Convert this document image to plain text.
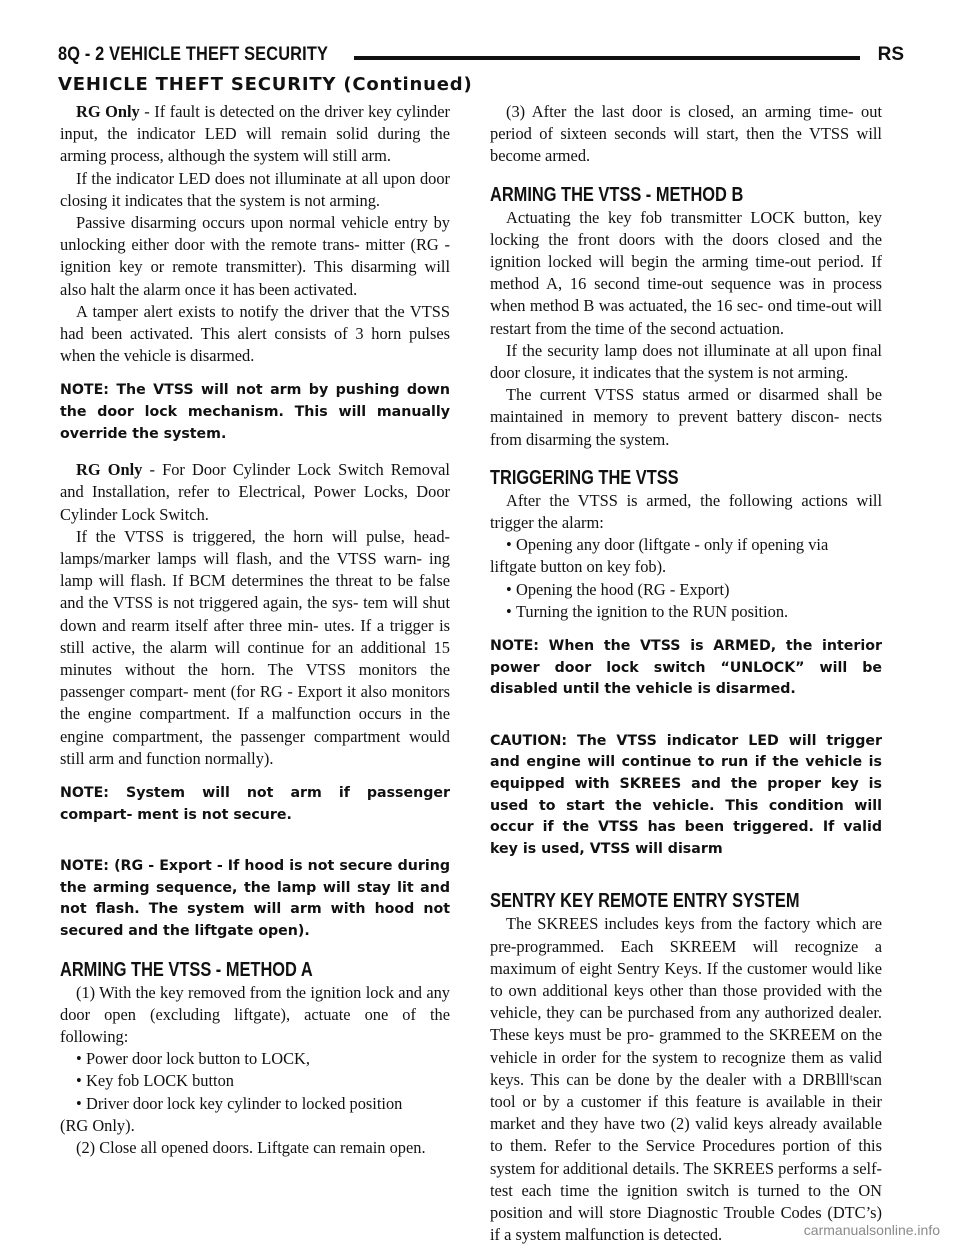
8Q - 2 VEHICLE THEFT SECURITY	RS
VEHICLE THEFT SECURITY (Continued)

RG Only - If fault is detected on the driver key cylinder input, the indicator LED will remain solid during the arming process, although the system will still arm.

If the indicator LED does not illuminate at all upon door closing it indicates that the system is not arming.

Passive disarming occurs upon normal vehicle entry by unlocking either door with the remote trans- mitter (RG - ignition key or remote transmitter). This disarming will also halt the alarm once it has been activated.

A tamper alert exists to notify the driver that the VTSS had been activated. This alert consists of 3 horn pulses when the vehicle is disarmed.

NOTE: The VTSS will not arm by pushing down the door lock mechanism. This will manually override the system.

RG Only - For Door Cylinder Lock Switch Removal and Installation, refer to Electrical, Power Locks, Door Cylinder Lock Switch.

If the VTSS is triggered, the horn will pulse, head- lamps/marker lamps will flash, and the VTSS warn- ing lamp will flash. If BCM determines the threat to be false and the VTSS is not triggered again, the sys- tem will shut down and rearm itself after three min- utes. If a trigger is still active, the alarm will continue for an additional 15 minutes without the horn. The VTSS monitors the passenger compart- ment (for RG - Export it also monitors the engine compartment. If a malfunction occurs in the engine compartment, the passenger compartment would still arm and function normally).

NOTE: System will not arm if passenger compart- ment is not secure.

NOTE: (RG - Export - If hood is not secure during the arming sequence, the lamp will stay lit and not flash. The system will arm with hood not secured and the liftgate open).

ARMING THE VTSS - METHOD A

(1) With the key removed from the ignition lock and any door open (excluding liftgate), actuate one of the following:

• Power door lock button to LOCK,

• Key fob LOCK button

• Driver door lock key cylinder to locked position

(RG Only).

(2) Close all opened doors. Liftgate can remain open.

(3) After the last door is closed, an arming time- out period of sixteen seconds will start, then the VTSS will become armed.

ARMING THE VTSS - METHOD B

Actuating the key fob transmitter LOCK button, key locking the front doors with the doors closed and the ignition locked will begin the arming time-out period. If method A, 16 second time-out sequence was in process when method B was actuated, the 16 sec- ond time-out will restart from the time of the second actuation.

If the security lamp does not illuminate at all upon final door closure, it indicates that the system is not arming.

The current VTSS status armed or disarmed shall be maintained in memory to prevent battery discon- nects from disarming the system.

TRIGGERING THE VTSS

After the VTSS is armed, the following actions will trigger the alarm:

• Opening any door (liftgate - only if opening via

liftgate button on key fob).

• Opening the hood (RG - Export)

• Turning the ignition to the RUN position.

NOTE: When the VTSS is ARMED, the interior power door lock switch “UNLOCK” will be disabled until the vehicle is disarmed.

CAUTION: The VTSS indicator LED will trigger and engine will continue to run if the vehicle is equipped with SKREES and the proper key is used to start the vehicle. This condition will occur if the VTSS has been triggered. If valid key is used, VTSS will disarm

SENTRY KEY REMOTE ENTRY SYSTEM

The SKREES includes keys from the factory which are pre-programmed. Each SKREEM will recognize a maximum of eight Sentry Keys. If the customer would like to own additional keys other than those provided with the vehicle, they can be purchased from any authorized dealer. These keys must be pro- grammed to the SKREEM on the vehicle in order for the system to recognize them as valid keys. This can be done by the dealer with a DRBlllᵗscan tool or by a customer if this feature is available in their market and they have two (2) valid keys already available to them. Refer to the Service Procedures portion of this system for additional details. The SKREES performs a self-test each time the ignition switch is turned to the ON position and will store Diagnostic Trouble Codes (DTC’s) if a system malfunction is detected.	carmanualsonline.info
